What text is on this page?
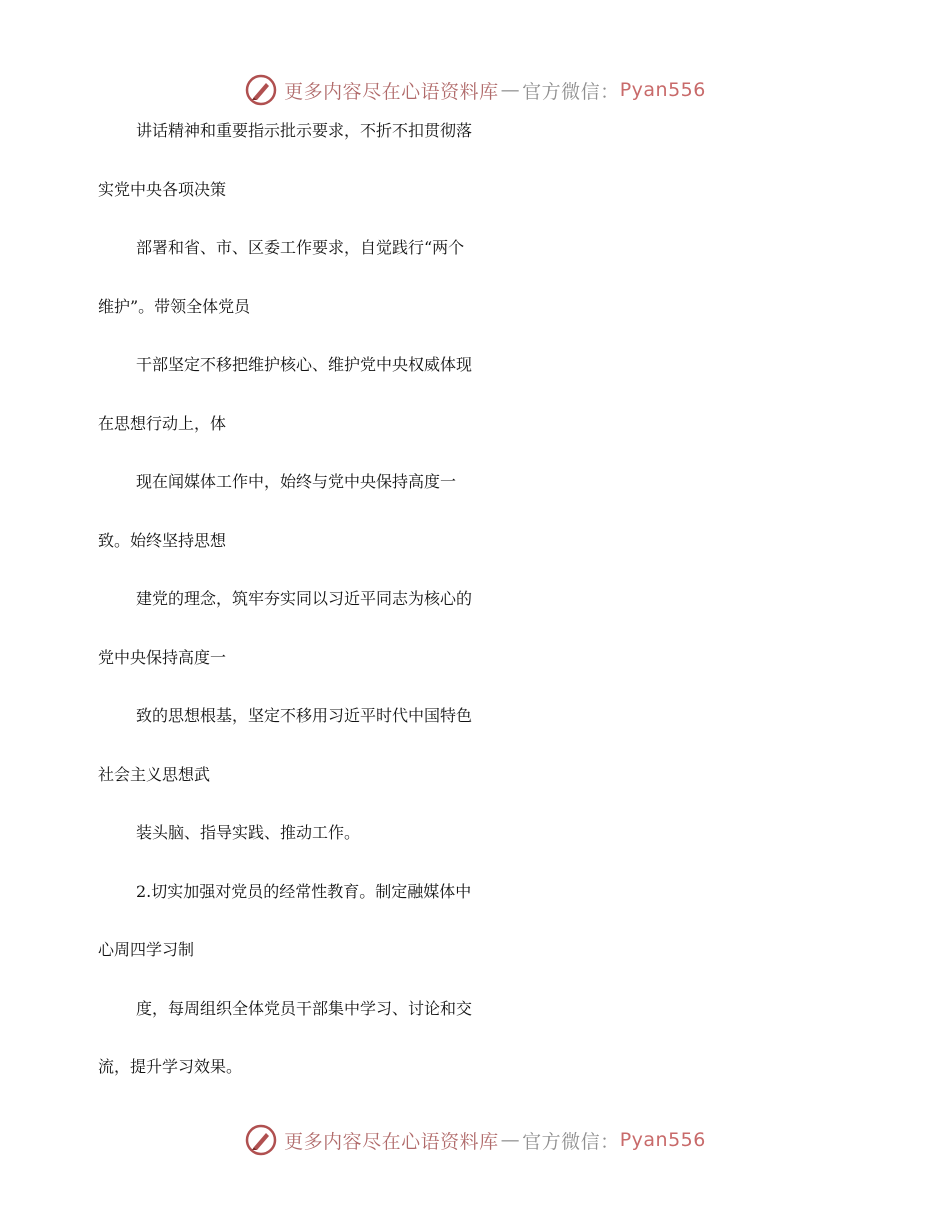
更多内容尽在心语资料库 — 官方微信： Pyan556
讲话精神和重要指示批示要求，不折不扣贯彻落
实党中央各项决策
部署和省、市、区委工作要求，自觉践行“两个
维护”。带领全体党员
干部坚定不移把维护核心、维护党中央权威体现
在思想行动上，体
现在闻媒体工作中，始终与党中央保持高度一
致。始终坚持思想
建党的理念，筑牢夯实同以习近平同志为核心的
党中央保持高度一
致的思想根基，坚定不移用习近平时代中国特色
社会主义思想武
装头脑、指导实践、推动工作。
2.切实加强对党员的经常性教育。制定融媒体中
心周四学习制
度，每周组织全体党员干部集中学习、讨论和交
流，提升学习效果。
更多内容尽在心语资料库 — 官方微信： Pyan556
